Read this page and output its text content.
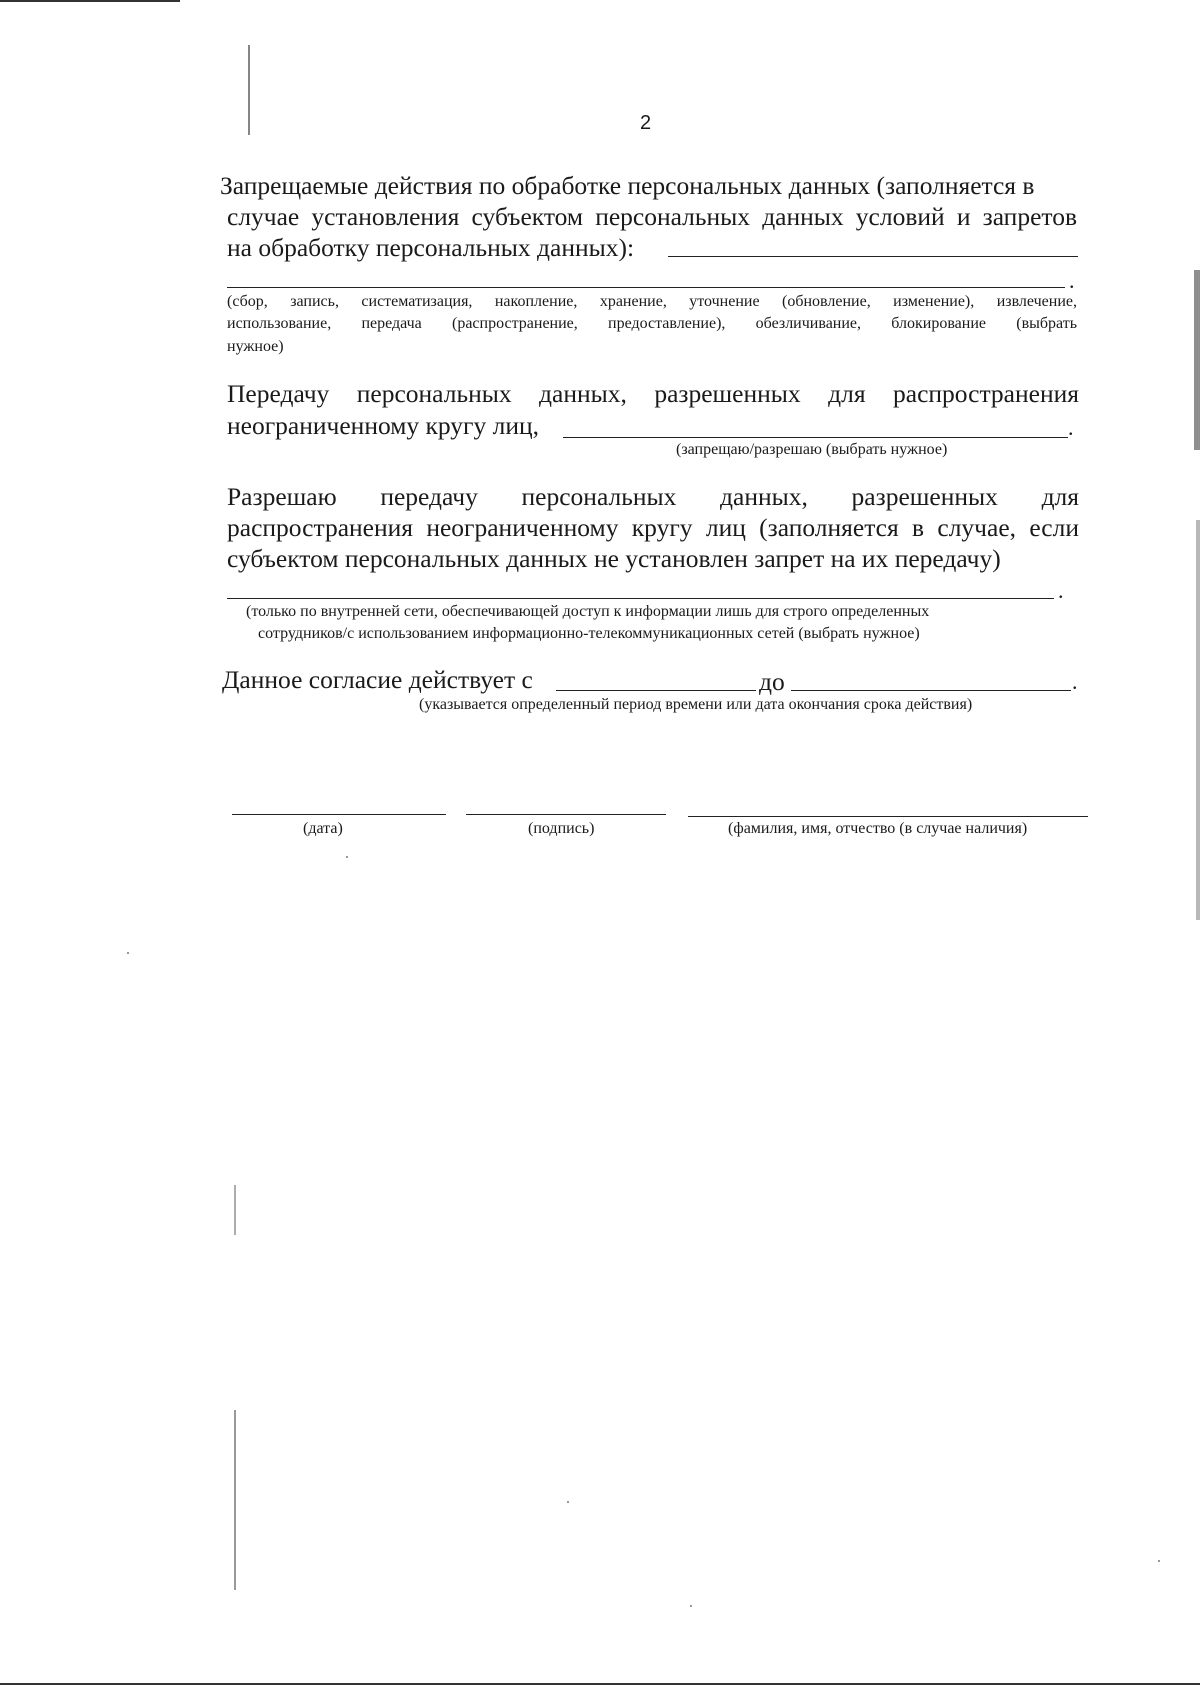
2
Запрещаемые действия по обработке персональных данных (заполняется в
случае установления субъектом персональных данных условий и запретов
на обработку персональных данных):
.
(сбор, запись, систематизация, накопление, хранение, уточнение (обновление, изменение), извлечение,
использование, передача (распространение, предоставление), обезличивание, блокирование (выбрать
нужное)
Передачу персональных данных, разрешенных для распространения
неограниченному кругу лиц,	.
(запрещаю/разрешаю (выбрать нужное)
Разрешаю передачу персональных данных, разрешенных для
распространения неограниченному кругу лиц (заполняется в случае, если
субъектом персональных данных не установлен запрет на их передачу)
.
(только по внутренней сети, обеспечивающей доступ к информации лишь для строго определенных
сотрудников/с использованием информационно-телекоммуникационных сетей (выбрать нужное)
Данное согласие действует с	до	.
(указывается определенный период времени или дата окончания срока действия)
(дата)	(подпись)	(фамилия, имя, отчество (в случае наличия)
